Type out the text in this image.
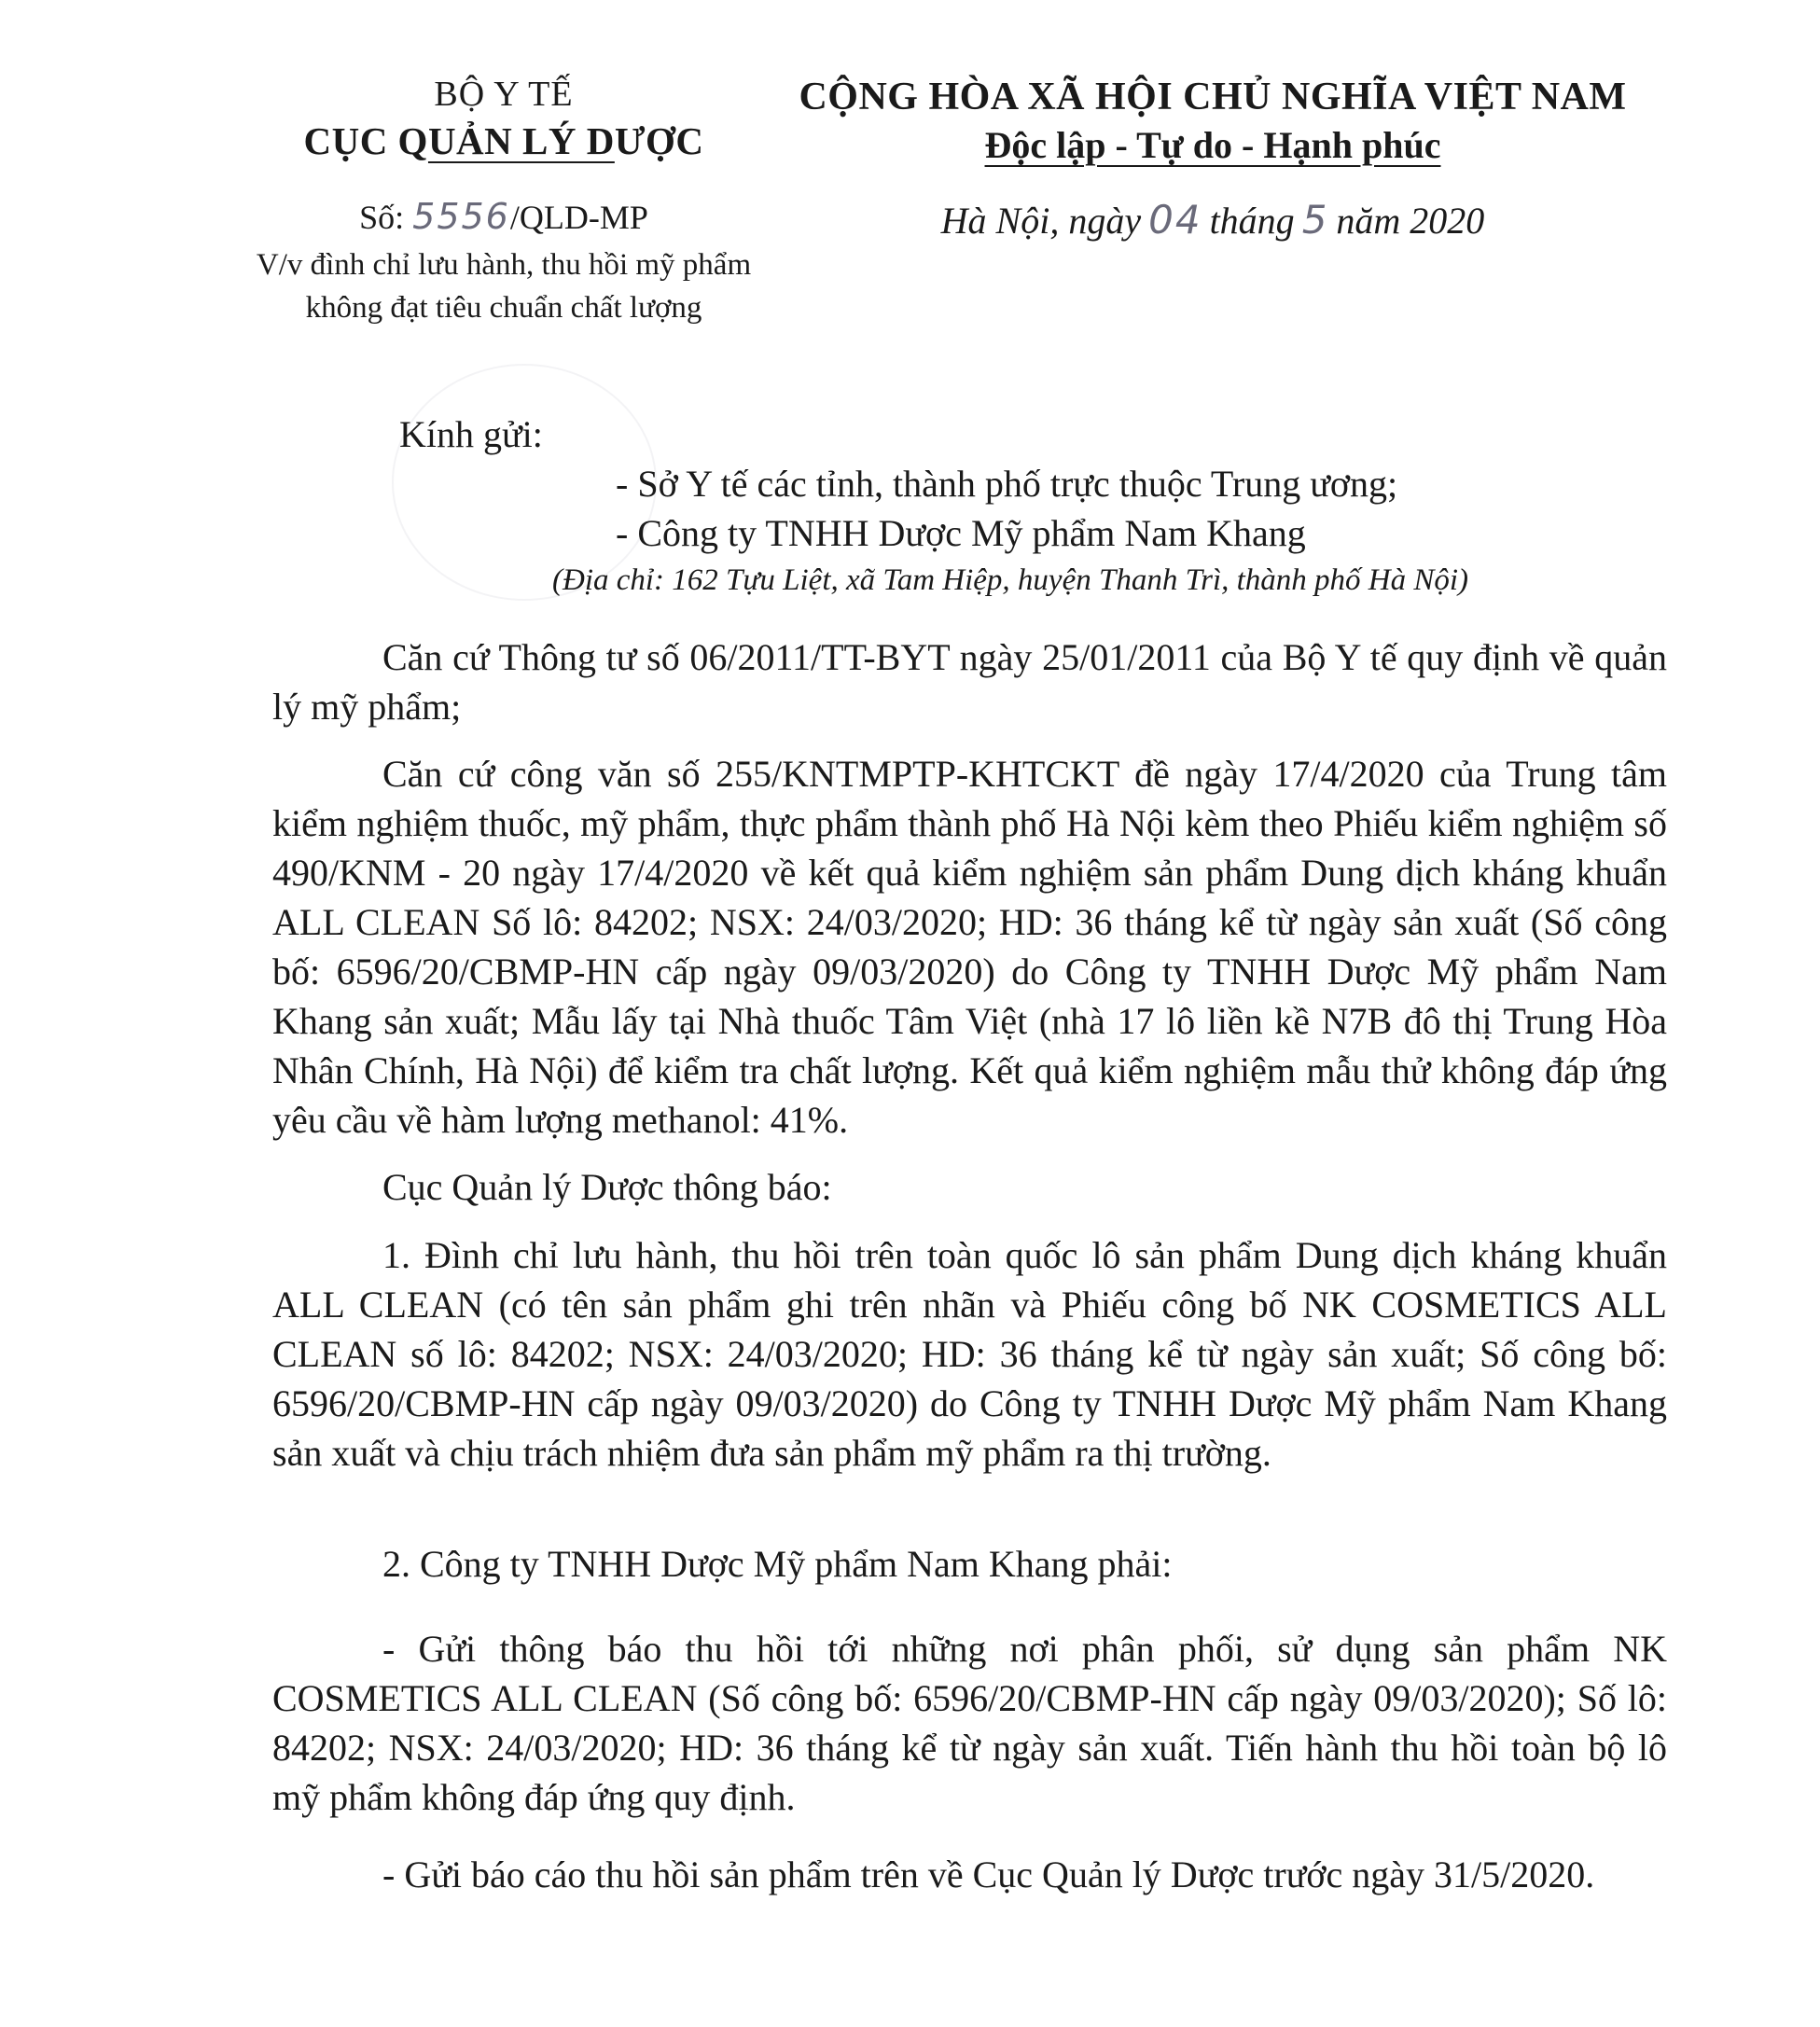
BỘ Y TẾ
CỤC QUẢN LÝ DƯỢC
Số: 5556/QLD-MP
V/v đình chỉ lưu hành, thu hồi mỹ phẩm không đạt tiêu chuẩn chất lượng
CỘNG HÒA XÃ HỘI CHỦ NGHĨA VIỆT NAM
Độc lập - Tự do - Hạnh phúc
Hà Nội, ngày 04 tháng 5 năm 2020
Kính gửi:
- Sở Y tế các tỉnh, thành phố trực thuộc Trung ương;
- Công ty TNHH Dược Mỹ phẩm Nam Khang
(Địa chỉ: 162 Tựu Liệt, xã Tam Hiệp, huyện Thanh Trì, thành phố Hà Nội)

Căn cứ Thông tư số 06/2011/TT-BYT ngày 25/01/2011 của Bộ Y tế quy định về quản lý mỹ phẩm;

Căn cứ công văn số 255/KNTMPTP-KHTCKT đề ngày 17/4/2020 của Trung tâm kiểm nghiệm thuốc, mỹ phẩm, thực phẩm thành phố Hà Nội kèm theo Phiếu kiểm nghiệm số 490/KNM - 20 ngày 17/4/2020 về kết quả kiểm nghiệm sản phẩm Dung dịch kháng khuẩn ALL CLEAN Số lô: 84202; NSX: 24/03/2020; HD: 36 tháng kể từ ngày sản xuất (Số công bố: 6596/20/CBMP-HN cấp ngày 09/03/2020) do Công ty TNHH Dược Mỹ phẩm Nam Khang sản xuất; Mẫu lấy tại Nhà thuốc Tâm Việt (nhà 17 lô liền kề N7B đô thị Trung Hòa Nhân Chính, Hà Nội) để kiểm tra chất lượng. Kết quả kiểm nghiệm mẫu thử không đáp ứng yêu cầu về hàm lượng methanol: 41%.

Cục Quản lý Dược thông báo:

1. Đình chỉ lưu hành, thu hồi trên toàn quốc lô sản phẩm Dung dịch kháng khuẩn ALL CLEAN (có tên sản phẩm ghi trên nhãn và Phiếu công bố NK COSMETICS ALL CLEAN số lô: 84202; NSX: 24/03/2020; HD: 36 tháng kể từ ngày sản xuất; Số công bố: 6596/20/CBMP-HN cấp ngày 09/03/2020) do Công ty TNHH Dược Mỹ phẩm Nam Khang sản xuất và chịu trách nhiệm đưa sản phẩm mỹ phẩm ra thị trường.

2. Công ty TNHH Dược Mỹ phẩm Nam Khang phải:

- Gửi thông báo thu hồi tới những nơi phân phối, sử dụng sản phẩm NK COSMETICS ALL CLEAN (Số công bố: 6596/20/CBMP-HN cấp ngày 09/03/2020); Số lô: 84202; NSX: 24/03/2020; HD: 36 tháng kể từ ngày sản xuất. Tiến hành thu hồi toàn bộ lô mỹ phẩm không đáp ứng quy định.

- Gửi báo cáo thu hồi sản phẩm trên về Cục Quản lý Dược trước ngày 31/5/2020.
